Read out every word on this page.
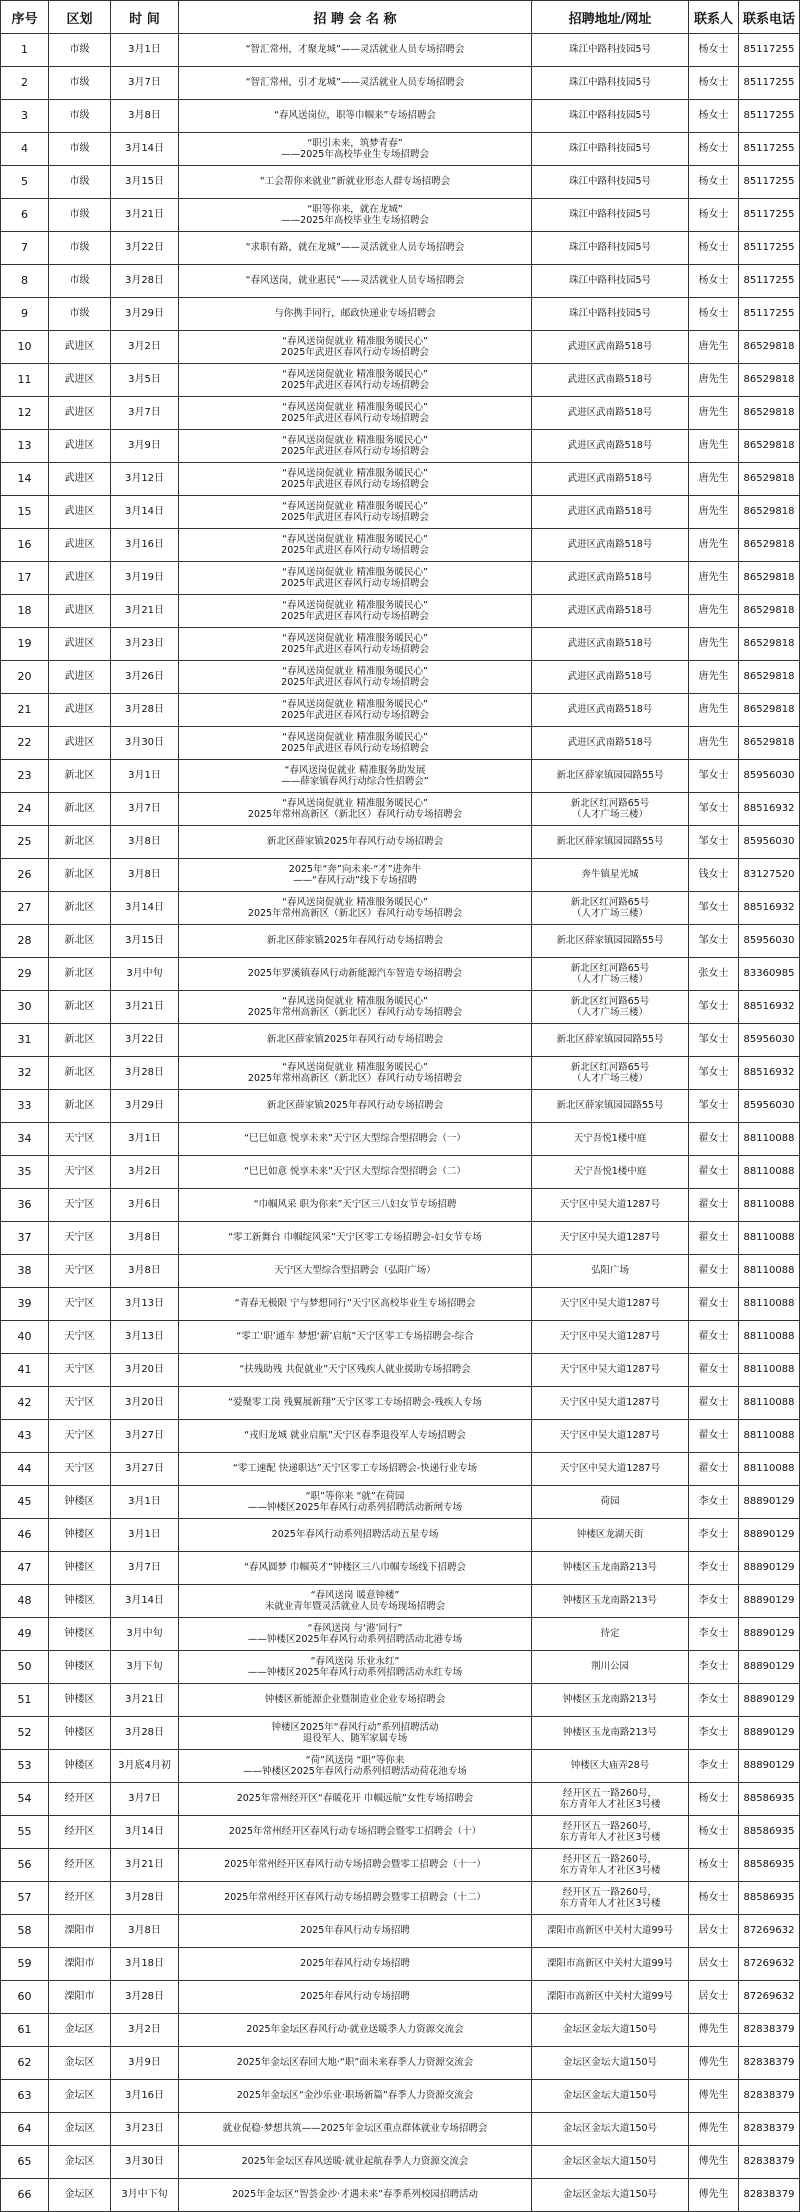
序号	区划	时 间	招 聘 会 名 称	招聘地址/网址	联系人	联系电话
1	市级	3月1日	“智汇常州，才聚龙城”——灵活就业人员专场招聘会	珠江中路科技园5号	杨女士	85117255
2	市级	3月7日	“智汇常州，引才龙城”——灵活就业人员专场招聘会	珠江中路科技园5号	杨女士	85117255
3	市级	3月8日	“春风送岗位，职等巾帼来”专场招聘会	珠江中路科技园5号	杨女士	85117255
4	市级	3月14日	“职引未来，筑梦青春”
——2025年高校毕业生专场招聘会	珠江中路科技园5号	杨女士	85117255
5	市级	3月15日	“工会帮你来就业”新就业形态人群专场招聘会	珠江中路科技园5号	杨女士	85117255
6	市级	3月21日	“职等你来，就在龙城”
——2025年高校毕业生专场招聘会	珠江中路科技园5号	杨女士	85117255
7	市级	3月22日	“求职有路，就在龙城”——灵活就业人员专场招聘会	珠江中路科技园5号	杨女士	85117255
8	市级	3月28日	“春风送岗，就业惠民”——灵活就业人员专场招聘会	珠江中路科技园5号	杨女士	85117255
9	市级	3月29日	与你携手同行，邮政快递业专场招聘会	珠江中路科技园5号	杨女士	85117255
10	武进区	3月2日	“春风送岗促就业 精准服务暖民心”
2025年武进区春风行动专场招聘会	武进区武南路518号	唐先生	86529818
11	武进区	3月5日	“春风送岗促就业 精准服务暖民心”
2025年武进区春风行动专场招聘会	武进区武南路518号	唐先生	86529818
12	武进区	3月7日	“春风送岗促就业 精准服务暖民心”
2025年武进区春风行动专场招聘会	武进区武南路518号	唐先生	86529818
13	武进区	3月9日	“春风送岗促就业 精准服务暖民心”
2025年武进区春风行动专场招聘会	武进区武南路518号	唐先生	86529818
14	武进区	3月12日	“春风送岗促就业 精准服务暖民心”
2025年武进区春风行动专场招聘会	武进区武南路518号	唐先生	86529818
15	武进区	3月14日	“春风送岗促就业 精准服务暖民心”
2025年武进区春风行动专场招聘会	武进区武南路518号	唐先生	86529818
16	武进区	3月16日	“春风送岗促就业 精准服务暖民心”
2025年武进区春风行动专场招聘会	武进区武南路518号	唐先生	86529818
17	武进区	3月19日	“春风送岗促就业 精准服务暖民心”
2025年武进区春风行动专场招聘会	武进区武南路518号	唐先生	86529818
18	武进区	3月21日	“春风送岗促就业 精准服务暖民心”
2025年武进区春风行动专场招聘会	武进区武南路518号	唐先生	86529818
19	武进区	3月23日	“春风送岗促就业 精准服务暖民心”
2025年武进区春风行动专场招聘会	武进区武南路518号	唐先生	86529818
20	武进区	3月26日	“春风送岗促就业 精准服务暖民心”
2025年武进区春风行动专场招聘会	武进区武南路518号	唐先生	86529818
21	武进区	3月28日	“春风送岗促就业 精准服务暖民心”
2025年武进区春风行动专场招聘会	武进区武南路518号	唐先生	86529818
22	武进区	3月30日	“春风送岗促就业 精准服务暖民心”
2025年武进区春风行动专场招聘会	武进区武南路518号	唐先生	86529818
23	新北区	3月1日	“春风送岗促就业 精准服务助发展
——薛家镇春风行动综合性招聘会”	新北区薛家镇园园路55号	邹女士	85956030
24	新北区	3月7日	“春风送岗促就业 精准服务暖民心”
2025年常州高新区（新北区）春风行动专场招聘会	新北区红河路65号
（人才广场三楼）	邹女士	88516932
25	新北区	3月8日	新北区薛家镇2025年春风行动专场招聘会	新北区薛家镇园园路55号	邹女士	85956030
26	新北区	3月8日	2025年“奔”向未来·“才”进奔牛
——“春风行动”线下专场招聘	奔牛镇星光城	钱女士	83127520
27	新北区	3月14日	“春风送岗促就业 精准服务暖民心”
2025年常州高新区（新北区）春风行动专场招聘会	新北区红河路65号
（人才广场三楼）	邹女士	88516932
28	新北区	3月15日	新北区薛家镇2025年春风行动专场招聘会	新北区薛家镇园园路55号	邹女士	85956030
29	新北区	3月中旬	2025年罗溪镇春风行动新能源汽车智造专场招聘会	新北区红河路65号
（人才广场三楼）	张女士	83360985
30	新北区	3月21日	“春风送岗促就业 精准服务暖民心”
2025年常州高新区（新北区）春风行动专场招聘会	新北区红河路65号
（人才广场三楼）	邹女士	88516932
31	新北区	3月22日	新北区薛家镇2025年春风行动专场招聘会	新北区薛家镇园园路55号	邹女士	85956030
32	新北区	3月28日	“春风送岗促就业 精准服务暖民心”
2025年常州高新区（新北区）春风行动专场招聘会	新北区红河路65号
（人才广场三楼）	邹女士	88516932
33	新北区	3月29日	新北区薛家镇2025年春风行动专场招聘会	新北区薛家镇园园路55号	邹女士	85956030
34	天宁区	3月1日	“巳巳如意 悦享未来”天宁区大型综合型招聘会（一）	天宁吾悦1楼中庭	翟女士	88110088
35	天宁区	3月2日	“巳巳如意 悦享未来”天宁区大型综合型招聘会（二）	天宁吾悦1楼中庭	翟女士	88110088
36	天宁区	3月6日	“巾帼风采 职为你来”天宁区三八妇女节专场招聘	天宁区中吴大道1287号	翟女士	88110088
37	天宁区	3月8日	“零工新舞台 巾帼绽风采”天宁区零工专场招聘会-妇女节专场	天宁区中吴大道1287号	翟女士	88110088
38	天宁区	3月8日	天宁区大型综合型招聘会（弘阳广场）	弘阳广场	翟女士	88110088
39	天宁区	3月13日	“青春无极限 宁与梦想同行”天宁区高校毕业生专场招聘会	天宁区中吴大道1287号	翟女士	88110088
40	天宁区	3月13日	“零工‘职’通车 梦想‘薪’启航”天宁区零工专场招聘会-综合	天宁区中吴大道1287号	翟女士	88110088
41	天宁区	3月20日	“扶残助残 共促就业”天宁区残疾人就业援助专场招聘会	天宁区中吴大道1287号	翟女士	88110088
42	天宁区	3月20日	“爱聚零工岗 残翼展新翔”天宁区零工专场招聘会-残疾人专场	天宁区中吴大道1287号	翟女士	88110088
43	天宁区	3月27日	“戎归龙城 就业启航”天宁区春季退役军人专场招聘会	天宁区中吴大道1287号	翟女士	88110088
44	天宁区	3月27日	“零工速配 快递职达”天宁区零工专场招聘会-快递行业专场	天宁区中吴大道1287号	翟女士	88110088
45	钟楼区	3月1日	“职”等你来 “就”在荷园
——钟楼区2025年春风行动系列招聘活动新闸专场	荷园	李女士	88890129
46	钟楼区	3月1日	2025年春风行动系列招聘活动五星专场	钟楼区龙湖天街	李女士	88890129
47	钟楼区	3月7日	“春风圆梦 巾帼英才”钟楼区三八巾帼专场线下招聘会	钟楼区玉龙南路213号	李女士	88890129
48	钟楼区	3月14日	“春风送岗 暖意钟楼”
未就业青年暨灵活就业人员专场现场招聘会	钟楼区玉龙南路213号	李女士	88890129
49	钟楼区	3月中旬	“春风送岗 与‘港’同行”
——钟楼区2025年春风行动系列招聘活动北港专场	待定	李女士	88890129
50	钟楼区	3月下旬	“春风送岗 乐业永红”
——钟楼区2025年春风行动系列招聘活动永红专场	荆川公园	李女士	88890129
51	钟楼区	3月21日	钟楼区新能源企业暨制造业企业专场招聘会	钟楼区玉龙南路213号	李女士	88890129
52	钟楼区	3月28日	钟楼区2025年“春风行动”系列招聘活动
退役军人、随军家属专场	钟楼区玉龙南路213号	李女士	88890129
53	钟楼区	3月底4月初	“荷”风送岗 “职”等你来
——钟楼区2025年春风行动系列招聘活动荷花池专场	钟楼区大庙弄28号	李女士	88890129
54	经开区	3月7日	2025年常州经开区“春暖花开 巾帼远航”女性专场招聘会	经开区五一路260号，
东方青年人才社区3号楼	杨女士	88586935
55	经开区	3月14日	2025年常州经开区春风行动专场招聘会暨零工招聘会（十）	经开区五一路260号，
东方青年人才社区3号楼	杨女士	88586935
56	经开区	3月21日	2025年常州经开区春风行动专场招聘会暨零工招聘会（十一）	经开区五一路260号，
东方青年人才社区3号楼	杨女士	88586935
57	经开区	3月28日	2025年常州经开区春风行动专场招聘会暨零工招聘会（十二）	经开区五一路260号，
东方青年人才社区3号楼	杨女士	88586935
58	溧阳市	3月8日	2025年春风行动专场招聘	溧阳市高新区中关村大道99号	居女士	87269632
59	溧阳市	3月18日	2025年春风行动专场招聘	溧阳市高新区中关村大道99号	居女士	87269632
60	溧阳市	3月28日	2025年春风行动专场招聘	溧阳市高新区中关村大道99号	居女士	87269632
61	金坛区	3月2日	2025年金坛区春风行动·就业送暖季人力资源交流会	金坛区金坛大道150号	傅先生	82838379
62	金坛区	3月9日	2025年金坛区春回大地·“职”面未来春季人力资源交流会	金坛区金坛大道150号	傅先生	82838379
63	金坛区	3月16日	2025年金坛区“金沙乐业·职场新篇”春季人力资源交流会	金坛区金坛大道150号	傅先生	82838379
64	金坛区	3月23日	就业促稳·梦想共筑——2025年金坛区重点群体就业专场招聘会	金坛区金坛大道150号	傅先生	82838379
65	金坛区	3月30日	2025年金坛区春风送暖·就业起航春季人力资源交流会	金坛区金坛大道150号	傅先生	82838379
66	金坛区	3月中下旬	2025年金坛区“智荟金沙·才遇未来”春季系列校园招聘活动	金坛区金坛大道150号	傅先生	82838379
